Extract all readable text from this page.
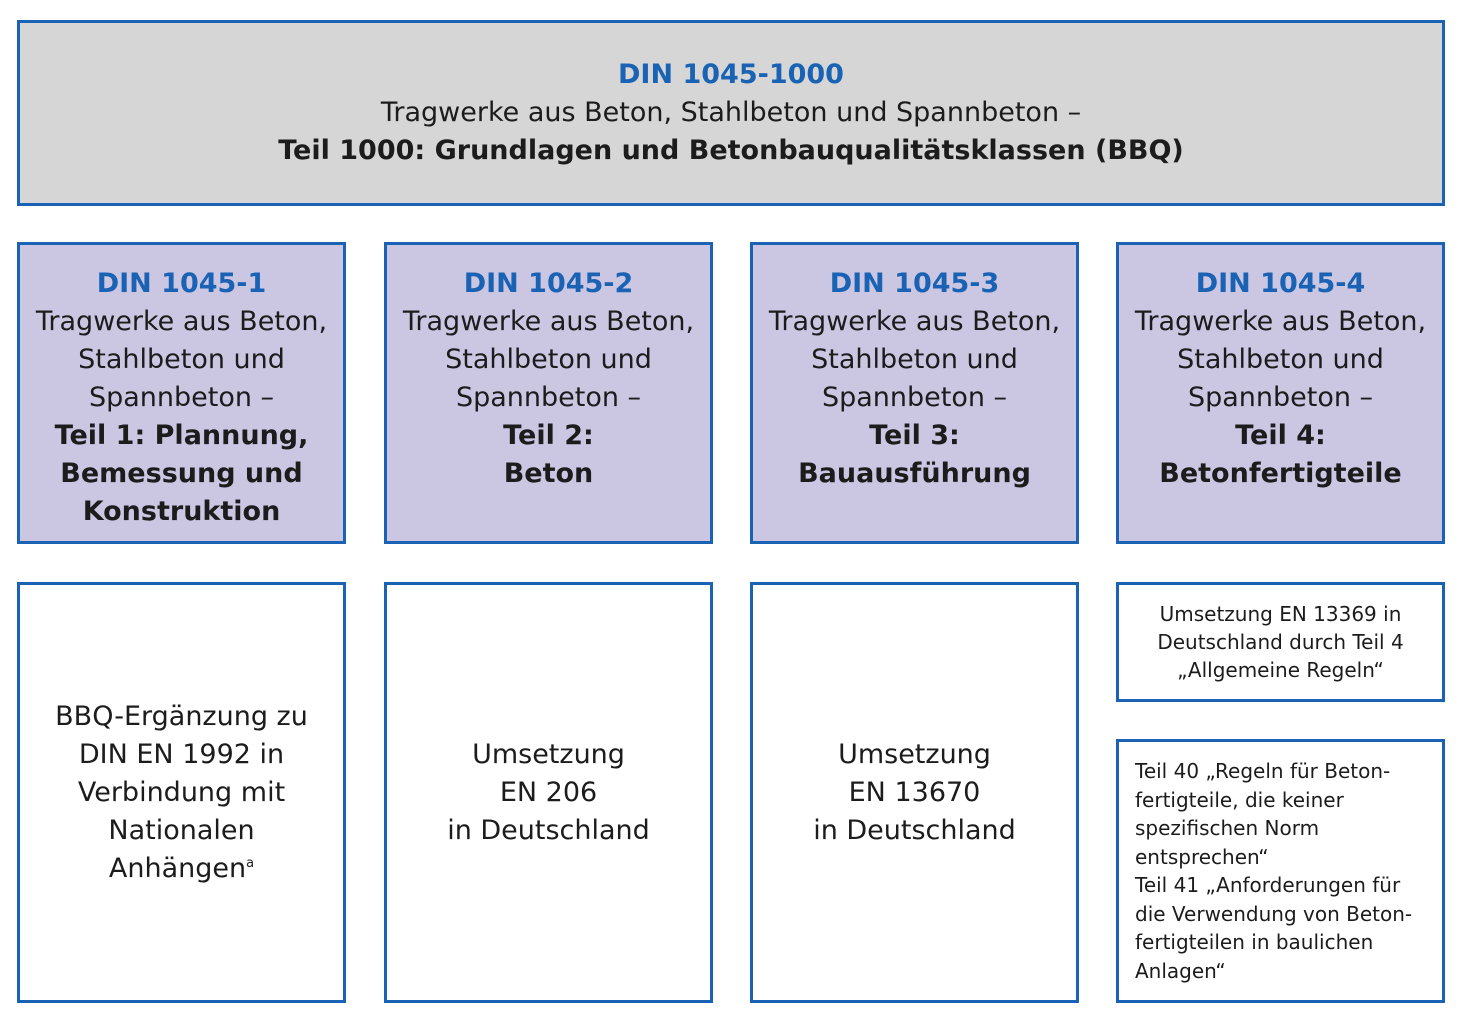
DIN 1045-1000
Tragwerke aus Beton, Stahlbeton und Spannbeton –
Teil 1000: Grundlagen und Betonbauqualitätsklassen (BBQ)
DIN 1045-1
Tragwerke aus Beton,
Stahlbeton und
Spannbeton –
Teil 1: Plannung,
Bemessung und
Konstruktion
DIN 1045-2
Tragwerke aus Beton,
Stahlbeton und
Spannbeton –
Teil 2:
Beton
DIN 1045-3
Tragwerke aus Beton,
Stahlbeton und
Spannbeton –
Teil 3:
Bauausführung
DIN 1045-4
Tragwerke aus Beton,
Stahlbeton und
Spannbeton –
Teil 4:
Betonfertigteile
BBQ-Ergänzung zu
DIN EN 1992 in
Verbindung mit
Nationalen
Anhängen$^a$
Umsetzung
EN 206
in Deutschland
Umsetzung
EN 13670
in Deutschland
Umsetzung EN 13369 in
Deutschland durch Teil 4
„Allgemeine Regeln“
Teil 40 „Regeln für Beton-
fertigteile, die keiner
spezifischen Norm
entsprechen“
Teil 41 „Anforderungen für
die Verwendung von Beton-
fertigteilen in baulichen
Anlagen“
